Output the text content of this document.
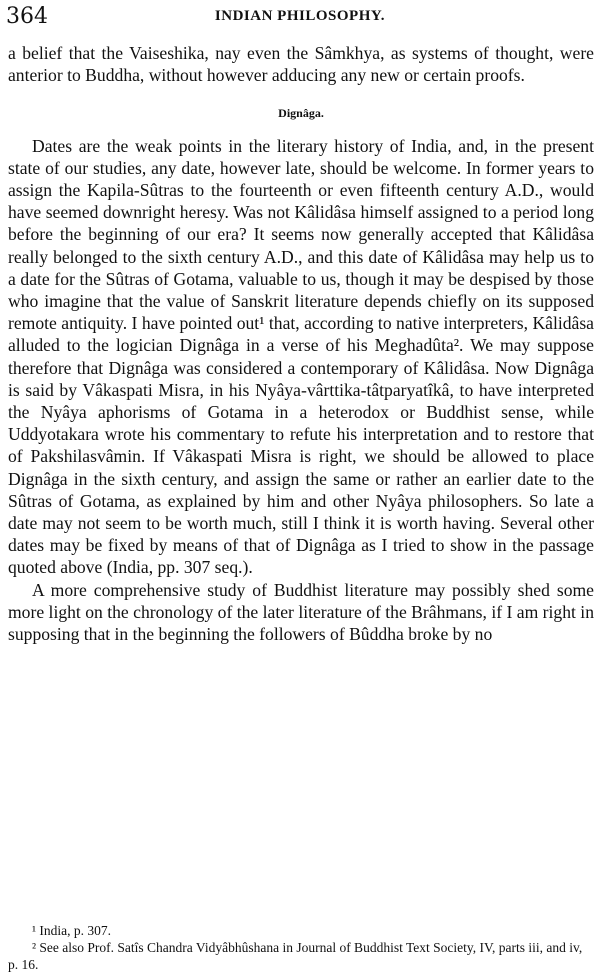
364	INDIAN PHILOSOPHY.

a belief that the Vaiseshika, nay even the Sâmkhya, as systems of thought, were anterior to Buddha, without however adducing any new or certain proofs.

Dignâga.

Dates are the weak points in the literary history of India, and, in the present state of our studies, any date, however late, should be welcome. In former years to assign the Kapila-Sûtras to the fourteenth or even fifteenth century A.D., would have seemed downright heresy. Was not Kâlidâsa himself assigned to a period long before the beginning of our era? It seems now generally accepted that Kâlidâsa really belonged to the sixth century A.D., and this date of Kâlidâsa may help us to a date for the Sûtras of Gotama, valuable to us, though it may be despised by those who imagine that the value of Sanskrit literature depends chiefly on its supposed remote antiquity. I have pointed out¹ that, according to native interpreters, Kâlidâsa alluded to the logician Dignâga in a verse of his Meghadûta². We may suppose therefore that Dignâga was considered a contemporary of Kâlidâsa. Now Dignâga is said by Vâkaspati Misra, in his Nyâya-vârttika-tâtparyatîkâ, to have interpreted the Nyâya aphorisms of Gotama in a heterodox or Buddhist sense, while Uddyotakara wrote his commentary to refute his interpretation and to restore that of Pakshilasvâmin. If Vâkaspati Misra is right, we should be allowed to place Dignâga in the sixth century, and assign the same or rather an earlier date to the Sûtras of Gotama, as explained by him and other Nyâya philosophers. So late a date may not seem to be worth much, still I think it is worth having. Several other dates may be fixed by means of that of Dignâga as I tried to show in the passage quoted above (India, pp. 307 seq.).

A more comprehensive study of Buddhist literature may possibly shed some more light on the chronology of the later literature of the Brâhmans, if I am right in supposing that in the beginning the followers of Bûddha broke by no

¹ India, p. 307.

² See also Prof. Satîs Chandra Vidyâbhûshana in Journal of Buddhist Text Society, IV, parts iii, and iv, p. 16.
